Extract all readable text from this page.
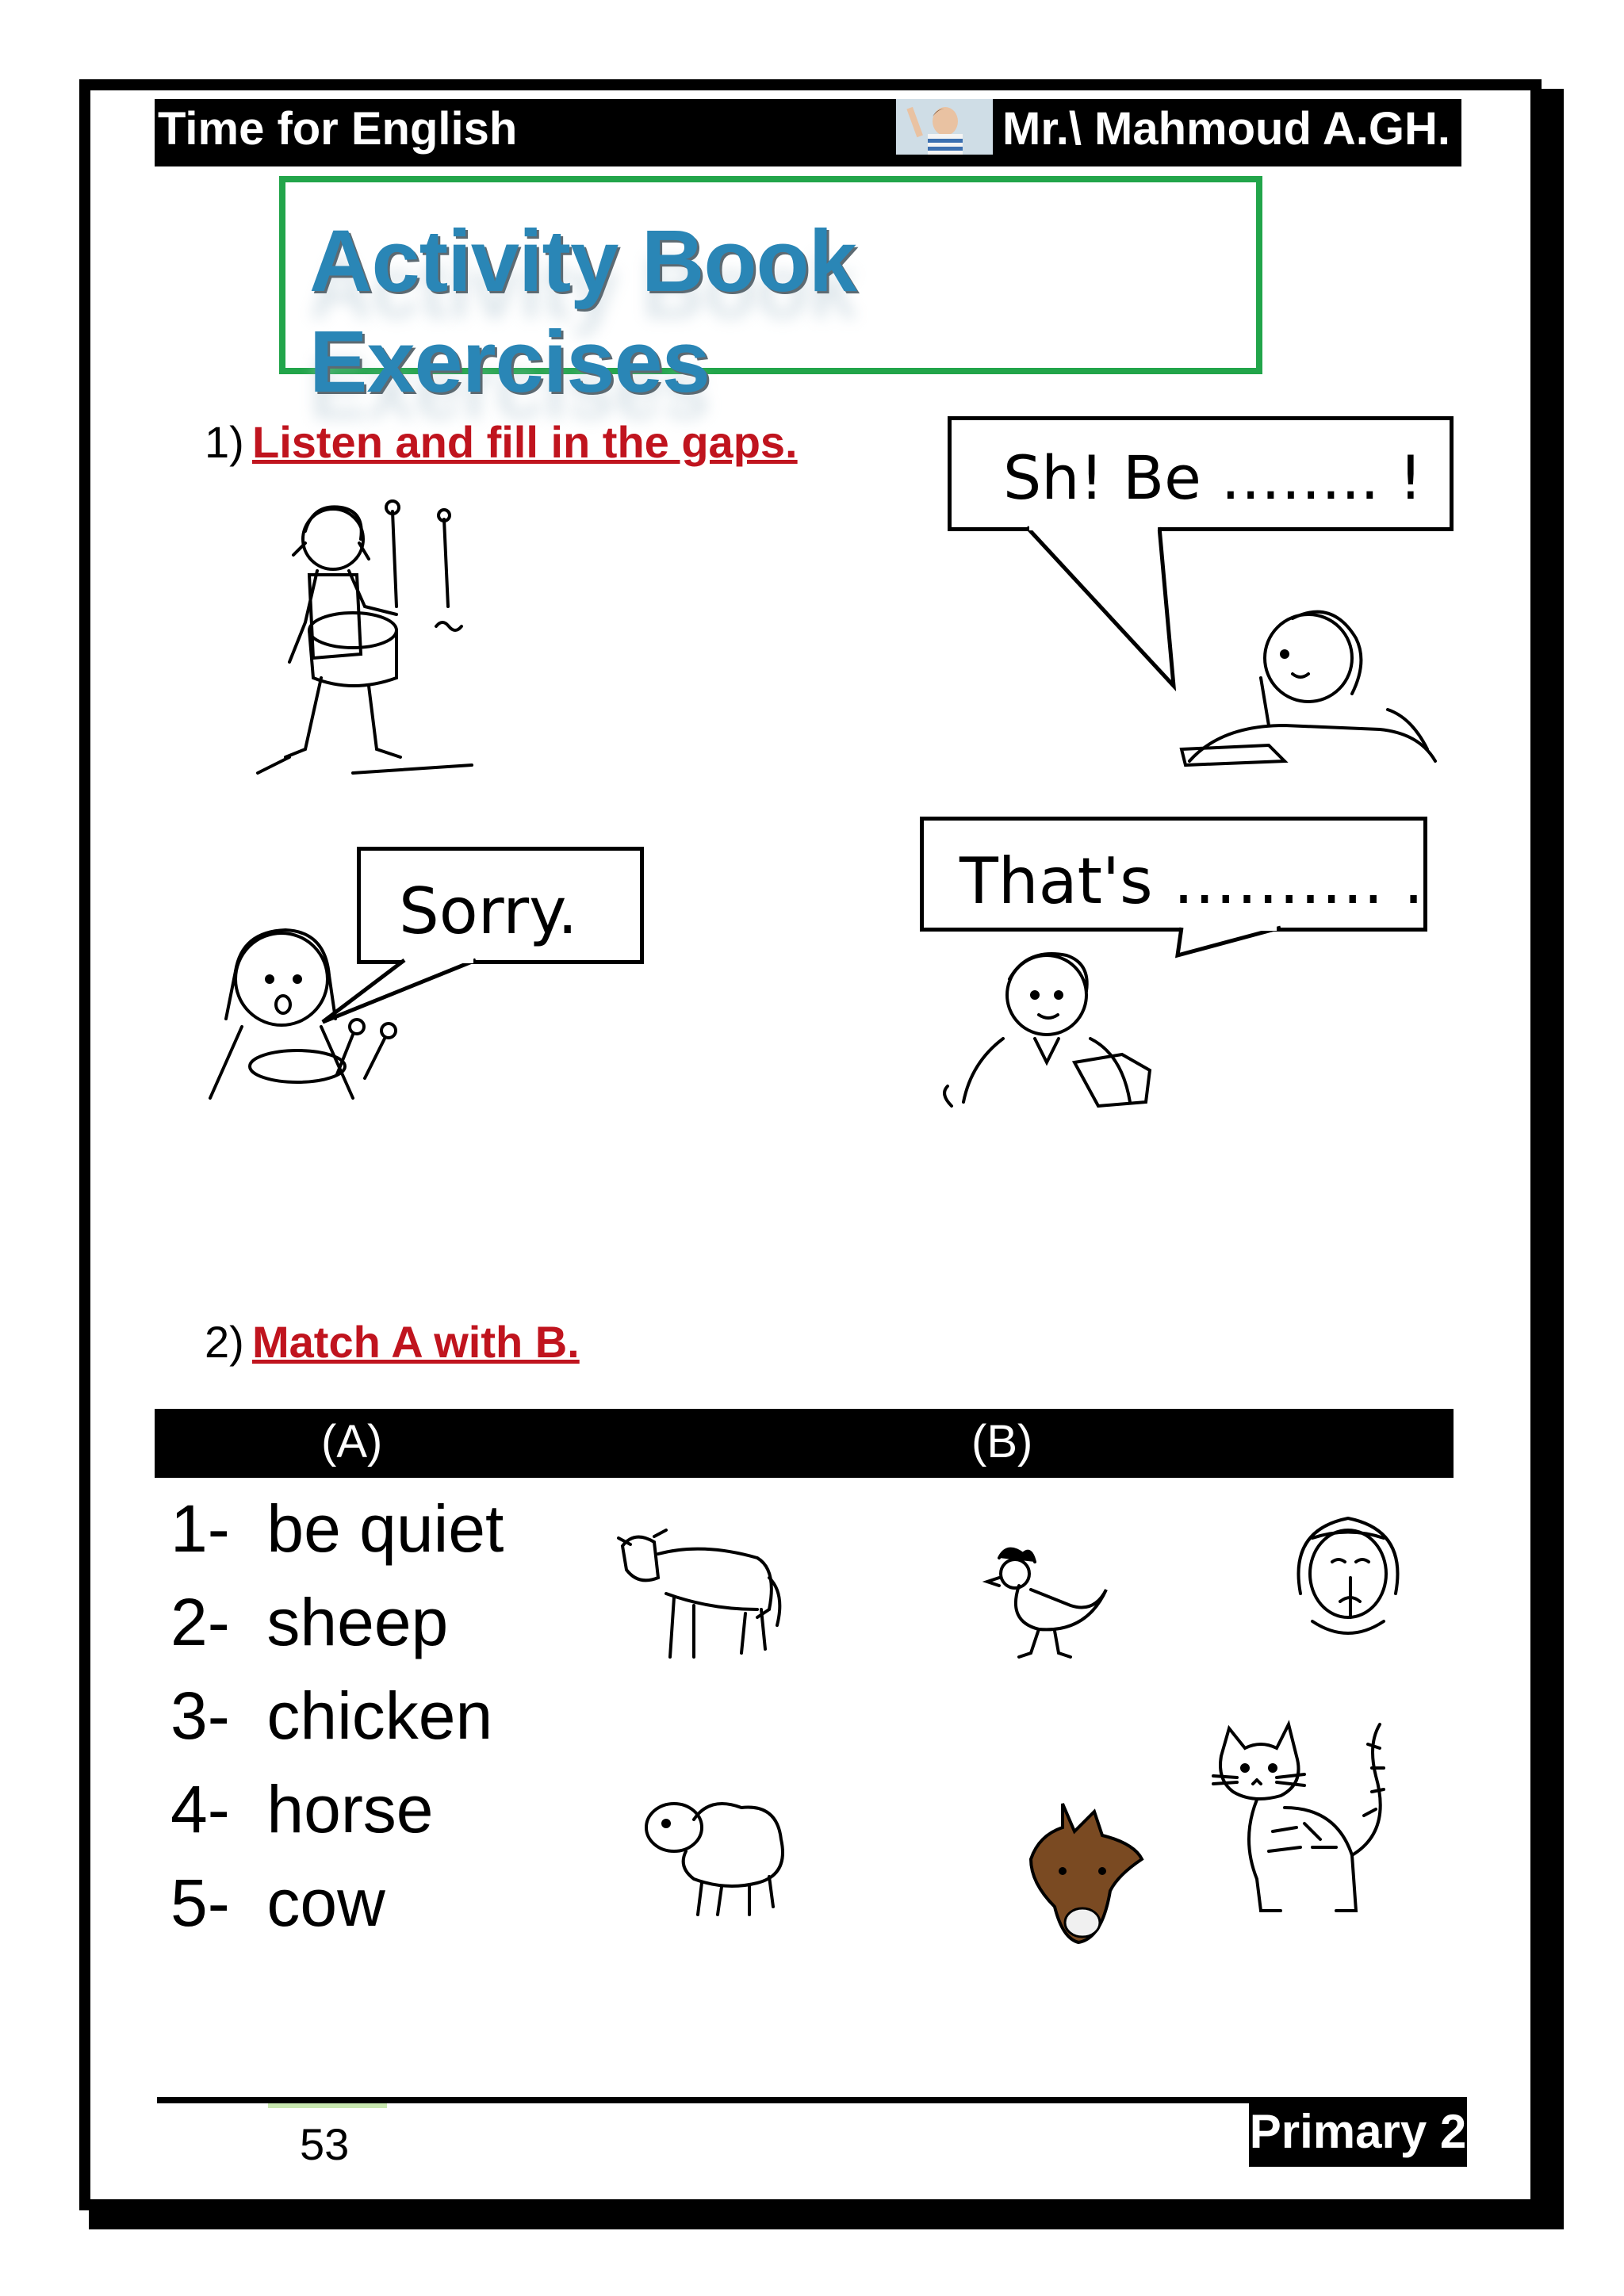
Time for English	Mr.\ Mahmoud A.GH.
Activity Book Exercises
1) Listen and fill in the gaps.
Sh! Be …….. !
Sorry.	That's ………. .
2) Match A with B.
(A)	(B)
1- be quiet
2- sheep
3- chicken
4- horse
5- cow
53	Primary 2
